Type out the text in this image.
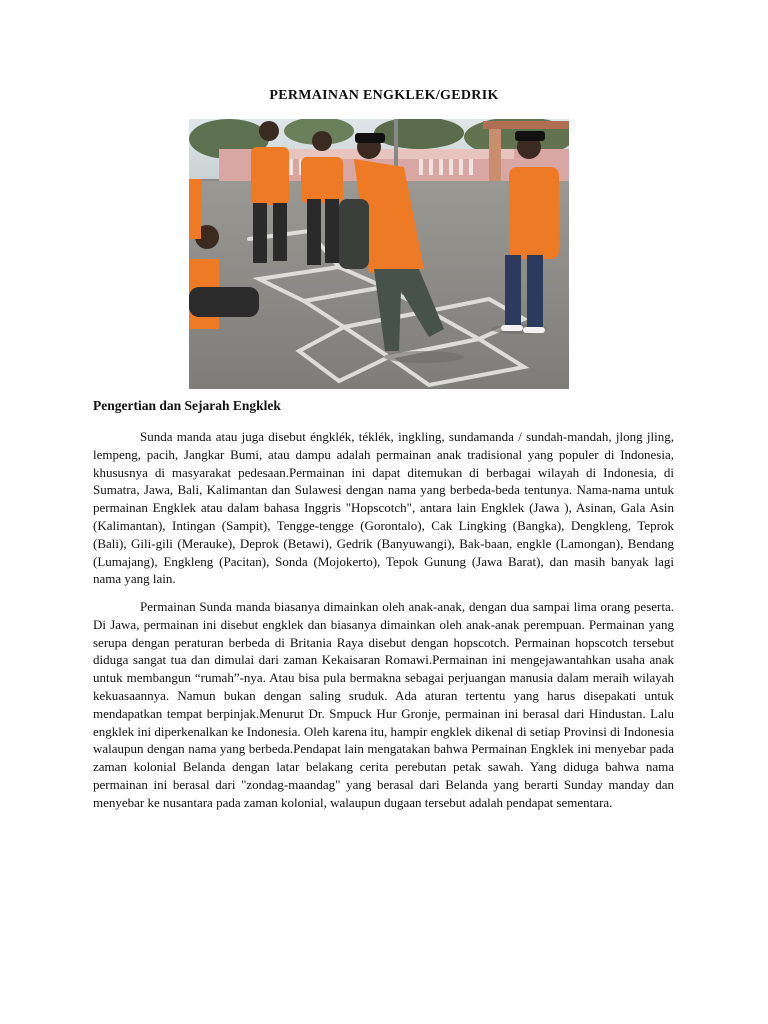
PERMAINAN ENGKLEK/GEDRIK
Pengertian dan Sejarah Engklek

Sunda manda atau juga disebut éngklék, téklék, ingkling, sundamanda / sundah-mandah, jlong jling, lempeng, pacih, Jangkar Bumi, atau dampu adalah permainan anak tradisional yang populer di Indonesia, khususnya di masyarakat pedesaan.Permainan ini dapat ditemukan di berbagai wilayah di Indonesia, di Sumatra, Jawa, Bali, Kalimantan dan Sulawesi dengan nama yang berbeda-beda tentunya. Nama-nama untuk permainan Engklek atau dalam bahasa Inggris "Hopscotch", antara lain Engklek (Jawa ), Asinan, Gala Asin (Kalimantan), Intingan (Sampit), Tengge-tengge (Gorontalo), Cak Lingking (Bangka), Dengkleng, Teprok (Bali), Gili-gili (Merauke), Deprok (Betawi), Gedrik (Banyuwangi), Bak-baan, engkle (Lamongan), Bendang (Lumajang), Engkleng (Pacitan), Sonda (Mojokerto), Tepok Gunung (Jawa Barat), dan masih banyak lagi nama yang lain.

Permainan Sunda manda biasanya dimainkan oleh anak-anak, dengan dua sampai lima orang peserta. Di Jawa, permainan ini disebut engklek dan biasanya dimainkan oleh anak-anak perempuan. Permainan yang serupa dengan peraturan berbeda di Britania Raya disebut dengan hopscotch. Permainan hopscotch tersebut diduga sangat tua dan dimulai dari zaman Kekaisaran Romawi.Permainan ini mengejawantahkan usaha anak untuk membangun “rumah”-nya. Atau bisa pula bermakna sebagai perjuangan manusia dalam meraih wilayah kekuasaannya. Namun bukan dengan saling sruduk. Ada aturan tertentu yang harus disepakati untuk mendapatkan tempat berpinjak.Menurut Dr. Smpuck Hur Gronje, permainan ini berasal dari Hindustan. Lalu engklek ini diperkenalkan ke Indonesia. Oleh karena itu, hampir engklek dikenal di setiap Provinsi di Indonesia walaupun dengan nama yang berbeda.Pendapat lain mengatakan bahwa Permainan Engklek ini menyebar pada zaman kolonial Belanda dengan latar belakang cerita perebutan petak sawah. Yang diduga bahwa nama permainan ini berasal dari "zondag-maandag" yang berasal dari Belanda yang berarti Sunday manday dan menyebar ke nusantara pada zaman kolonial, walaupun dugaan tersebut adalah pendapat sementara.
